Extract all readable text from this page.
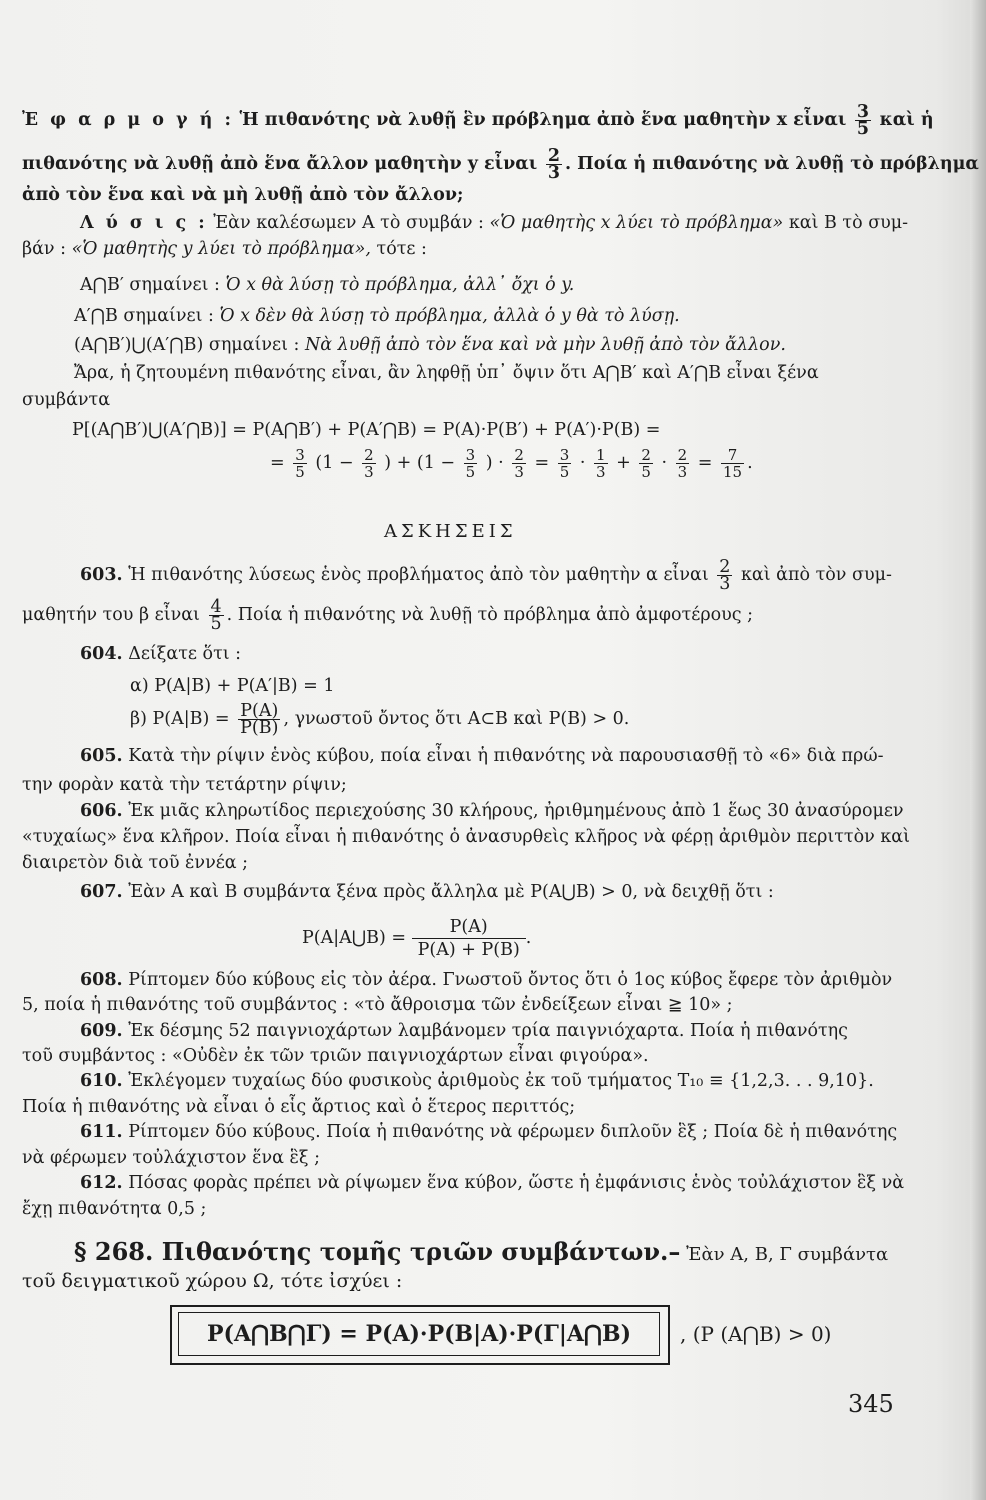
Ἐ φ α ρ μ ο γ ή : Ἡ πιθανότης νὰ λυθῇ ἓν πρόβλημα ἀπὸ ἕνα μαθητὴν x εἶναι $\frac{3}{5}$ καὶ ἡ
πιθανότης νὰ λυθῇ ἀπὸ ἕνα ἄλλον μαθητὴν y εἶναι $\frac{2}{3}$ . Ποία ἡ πιθανότης νὰ λυθῇ τὸ πρόβλημα
ἀπὸ τὸν ἕνα καὶ νὰ μὴ λυθῇ ἀπὸ τὸν ἄλλον;
Λ ύ σ ι ς : Ἐὰν καλέσωμεν A τὸ συμβάν : «Ὁ μαθητὴς x λύει τὸ πρόβλημα» καὶ B τὸ συμ-
βάν : «Ὁ μαθητὴς y λύει τὸ πρόβλημα», τότε :
A⋂B′ σημαίνει : Ὁ x θὰ λύσῃ τὸ πρόβλημα, ἀλλ᾽ ὄχι ὁ y.
A′⋂B σημαίνει : Ὁ x δὲν θὰ λύσῃ τὸ πρόβλημα, ἀλλὰ ὁ y θὰ τὸ λύσῃ.
(A⋂B′)⋃(A′⋂B) σημαίνει : Νὰ λυθῇ ἀπὸ τὸν ἕνα καὶ νὰ μὴν λυθῇ ἀπὸ τὸν ἄλλον.
Ἄρα, ἡ ζητουμένη πιθανότης εἶναι, ἂν ληφθῇ ὑπ᾽ ὄψιν ὅτι A⋂B′ καὶ A′⋂B εἶναι ξένα
συμβάντα
P[(A⋂B′)⋃(A′⋂B)] = P(A⋂B′) + P(A′⋂B) = P(A)·P(B′) + P(A′)·P(B) =
= $\frac{3}{5} (1 - \frac{2}{3}$ ) + ($1 - \frac{3}{5}$ ) · $\frac{2}{3} = \frac{3}{5} \cdot \frac{1}{3} + \frac{2}{5} \cdot \frac{2}{3} = \frac{7}{15}$ .
ΑΣΚΗΣΕΙΣ
603. Ἡ πιθανότης λύσεως ἑνὸς προβλήματος ἀπὸ τὸν μαθητὴν α εἶναι $\frac{2}{3}$ καὶ ἀπὸ τὸν συμ-
μαθητήν του β εἶναι $\frac{4}{5}$ . Ποία ἡ πιθανότης νὰ λυθῇ τὸ πρόβλημα ἀπὸ ἀμφοτέρους ;
604. Δείξατε ὅτι :
α) P(A|B) + P(A′|B) = 1
β) $P(A|B) = \frac{P(A)}{P(B)}$ , γνωστοῦ ὄντος ὅτι A⊂B καὶ P(B) > 0.
605. Κατὰ τὴν ρίψιν ἑνὸς κύβου, ποία εἶναι ἡ πιθανότης νὰ παρουσιασθῇ τὸ «6» διὰ πρώ-
την φορὰν κατὰ τὴν τετάρτην ρίψιν;
606. Ἐκ μιᾶς κληρωτίδος περιεχούσης 30 κλήρους, ἠριθμημένους ἀπὸ 1 ἕως 30 ἀνασύρομεν
«τυχαίως» ἕνα κλῆρον. Ποία εἶναι ἡ πιθανότης ὁ ἀνασυρθεὶς κλῆρος νὰ φέρῃ ἀριθμὸν περιττὸν καὶ
διαιρετὸν διὰ τοῦ ἐννέα ;
607. Ἐὰν A καὶ B συμβάντα ξένα πρὸς ἄλληλα μὲ P(A⋃B) > 0, νὰ δειχθῇ ὅτι :
P(A|A⋃B) = $\frac{P(A)}{P(A) + P(B)}$ .
608. Ρίπτομεν δύο κύβους εἰς τὸν ἀέρα. Γνωστοῦ ὄντος ὅτι ὁ 1ος κύβος ἔφερε τὸν ἀριθμὸν
5, ποία ἡ πιθανότης τοῦ συμβάντος : «τὸ ἄθροισμα τῶν ἐνδείξεων εἶναι ≧ 10» ;
609. Ἐκ δέσμης 52 παιγνιοχάρτων λαμβάνομεν τρία παιγνιόχαρτα. Ποία ἡ πιθανότης
τοῦ συμβάντος : «Οὐδὲν ἐκ τῶν τριῶν παιγνιοχάρτων εἶναι φιγούρα».
610. Ἐκλέγομεν τυχαίως δύο φυσικοὺς ἀριθμοὺς ἐκ τοῦ τμήματος T₁₀ ≡ {1,2,3. . . 9,10}.
Ποία ἡ πιθανότης νὰ εἶναι ὁ εἷς ἄρτιος καὶ ὁ ἕτερος περιττός;
611. Ρίπτομεν δύο κύβους. Ποία ἡ πιθανότης νὰ φέρωμεν διπλοῦν ἓξ ; Ποία δὲ ἡ πιθανότης
νὰ φέρωμεν τοὐλάχιστον ἕνα ἓξ ;
612. Πόσας φορὰς πρέπει νὰ ρίψωμεν ἕνα κύβον, ὥστε ἡ ἐμφάνισις ἑνὸς τοὐλάχιστον ἓξ νὰ
ἔχῃ πιθανότητα 0,5 ;
§ 268. Πιθανότης τομῆς τριῶν συμβάντων.– Ἐὰν A, B, Γ συμβάντα
τοῦ δειγματικοῦ χώρου Ω, τότε ἰσχύει :
P(A⋂B⋂Γ) = P(A)·P(B|A)·P(Γ|A⋂B)	, (P (A⋂B) > 0)
345
